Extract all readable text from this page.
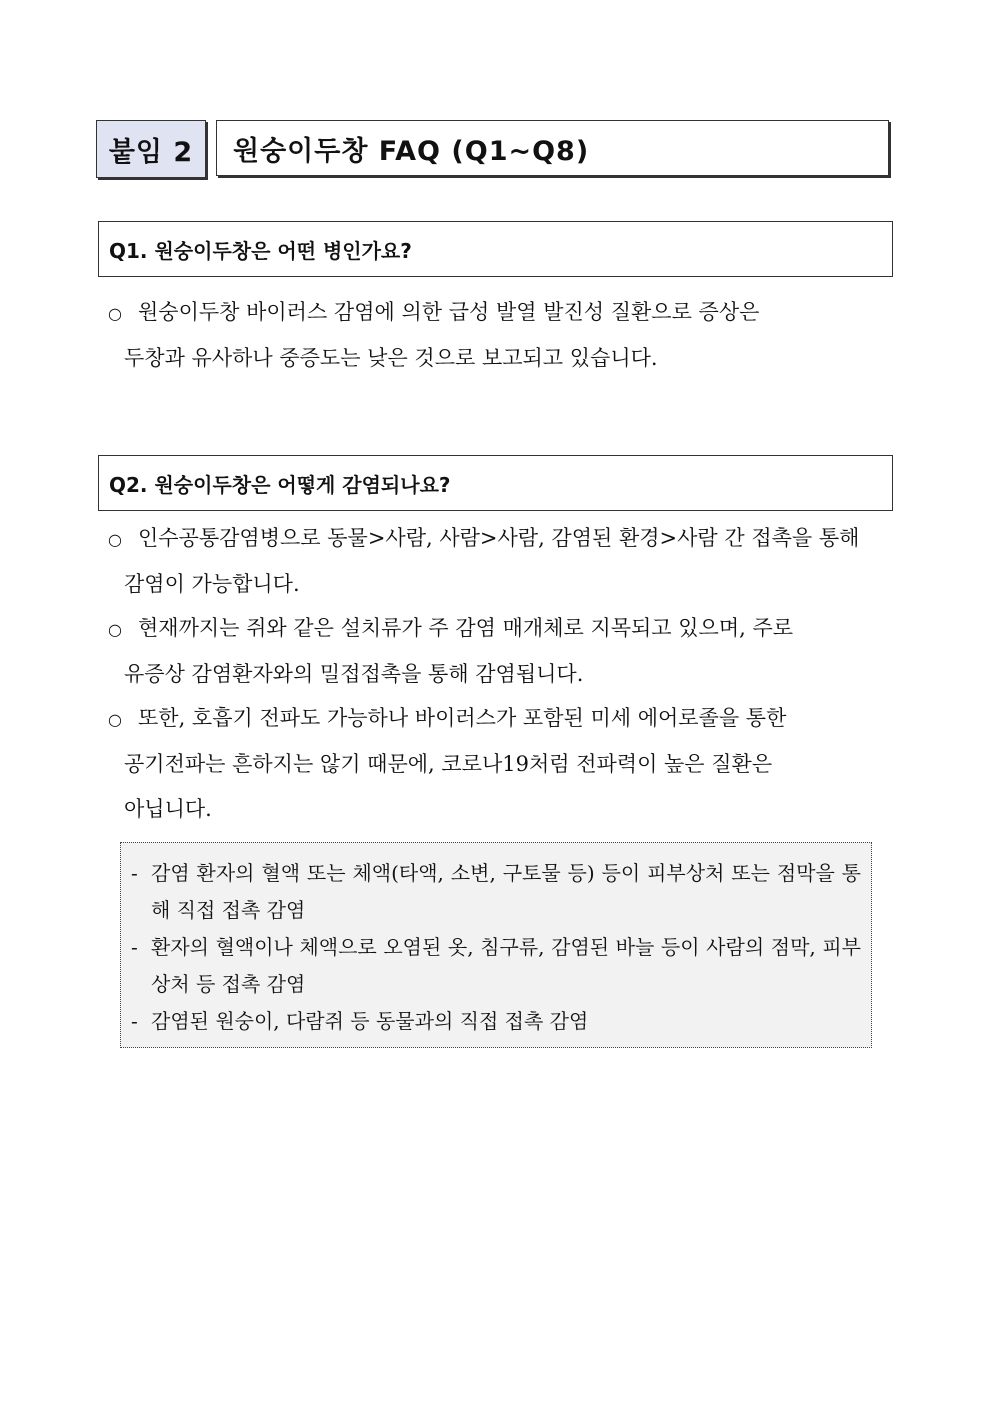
붙임 2	원숭이두창 FAQ (Q1~Q8)
Q1. 원숭이두창은 어떤 병인가요?
○ 원숭이두창 바이러스 감염에 의한 급성 발열 발진성 질환으로 증상은
두창과 유사하나 중증도는 낮은 것으로 보고되고 있습니다.
Q2. 원숭이두창은 어떻게 감염되나요?
○ 인수공통감염병으로 동물>사람, 사람>사람, 감염된 환경>사람 간 접촉을 통해
감염이 가능합니다.
○ 현재까지는 쥐와 같은 설치류가 주 감염 매개체로 지목되고 있으며, 주로
유증상 감염환자와의 밀접접촉을 통해 감염됩니다.
○ 또한, 호흡기 전파도 가능하나 바이러스가 포함된 미세 에어로졸을 통한
공기전파는 흔하지는 않기 때문에, 코로나19처럼 전파력이 높은 질환은
아닙니다.
- 감염 환자의 혈액 또는 체액(타액, 소변, 구토물 등) 등이 피부상처 또는 점막을 통해 직접 접촉 감염
- 환자의 혈액이나 체액으로 오염된 옷, 침구류, 감염된 바늘 등이 사람의 점막, 피부 상처 등 접촉 감염
- 감염된 원숭이, 다람쥐 등 동물과의 직접 접촉 감염
